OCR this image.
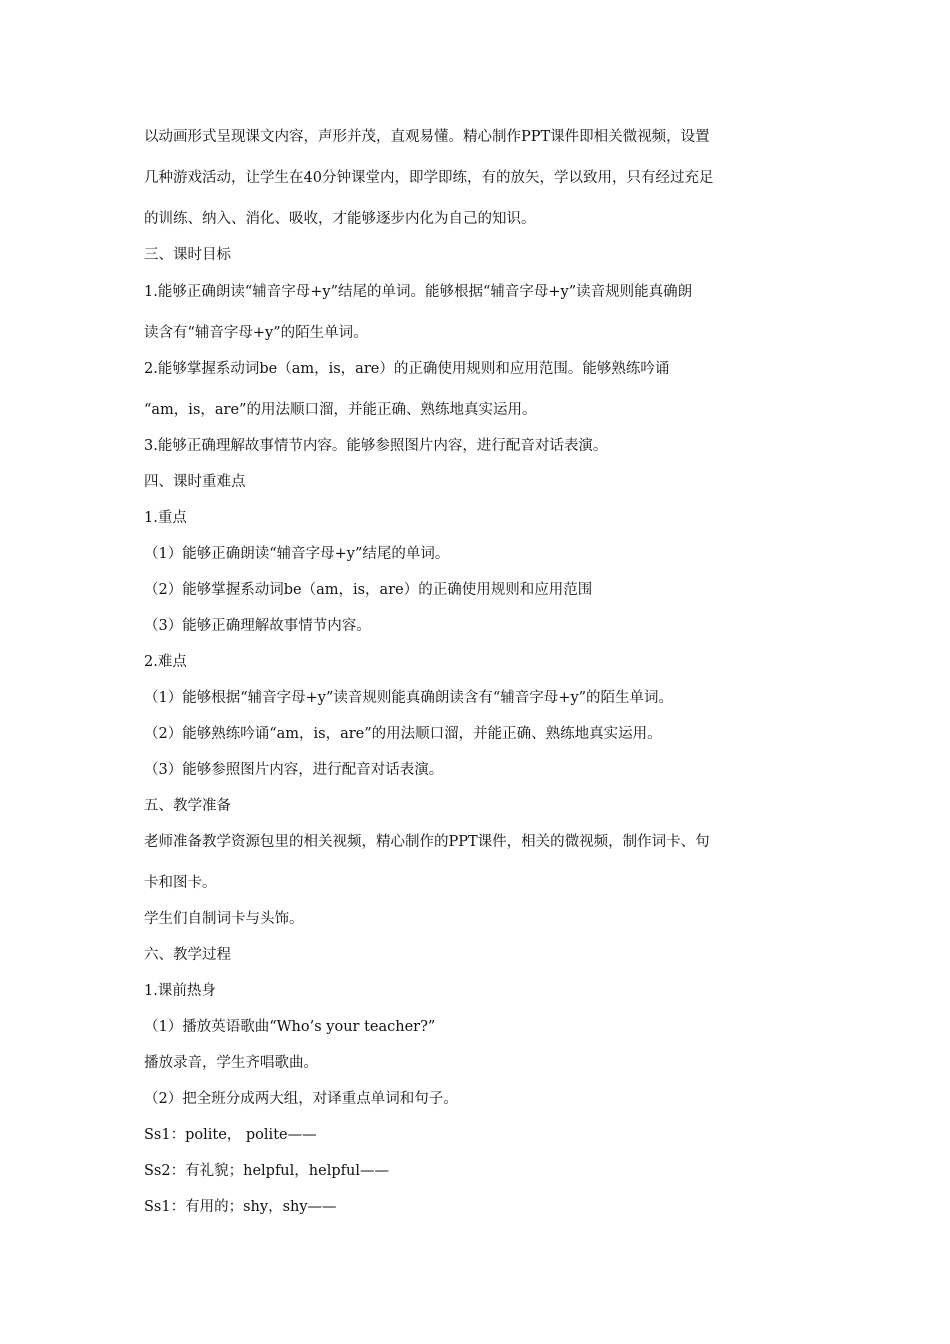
以动画形式呈现课文内容，声形并茂，直观易懂。精心制作PPT课件即相关微视频，设置
几种游戏活动，让学生在40分钟课堂内，即学即练，有的放矢，学以致用，只有经过充足
的训练、纳入、消化、吸收，才能够逐步内化为自己的知识。
三、课时目标
1.能够正确朗读“辅音字母+y”结尾的单词。能够根据“辅音字母+y”读音规则能真确朗
读含有“辅音字母+y”的陌生单词。
2.能够掌握系动词be（am，is，are）的正确使用规则和应用范围。能够熟练吟诵
“am，is，are”的用法顺口溜，并能正确、熟练地真实运用。
3.能够正确理解故事情节内容。能够参照图片内容，进行配音对话表演。
四、课时重难点
1.重点
（1）能够正确朗读“辅音字母+y”结尾的单词。
（2）能够掌握系动词be（am，is，are）的正确使用规则和应用范围
（3）能够正确理解故事情节内容。
2.难点
（1）能够根据“辅音字母+y”读音规则能真确朗读含有“辅音字母+y”的陌生单词。
（2）能够熟练吟诵“am，is，are”的用法顺口溜，并能正确、熟练地真实运用。
（3）能够参照图片内容，进行配音对话表演。
五、教学准备
老师准备教学资源包里的相关视频，精心制作的PPT课件，相关的微视频，制作词卡、句
卡和图卡。
学生们自制词卡与头饰。
六、教学过程
1.课前热身
（1）播放英语歌曲“Who’s your teacher?”
播放录音，学生齐唱歌曲。
（2）把全班分成两大组，对译重点单词和句子。
Ss1：polite， polite——
Ss2：有礼貌；helpful，helpful——
Ss1：有用的；shy，shy——
